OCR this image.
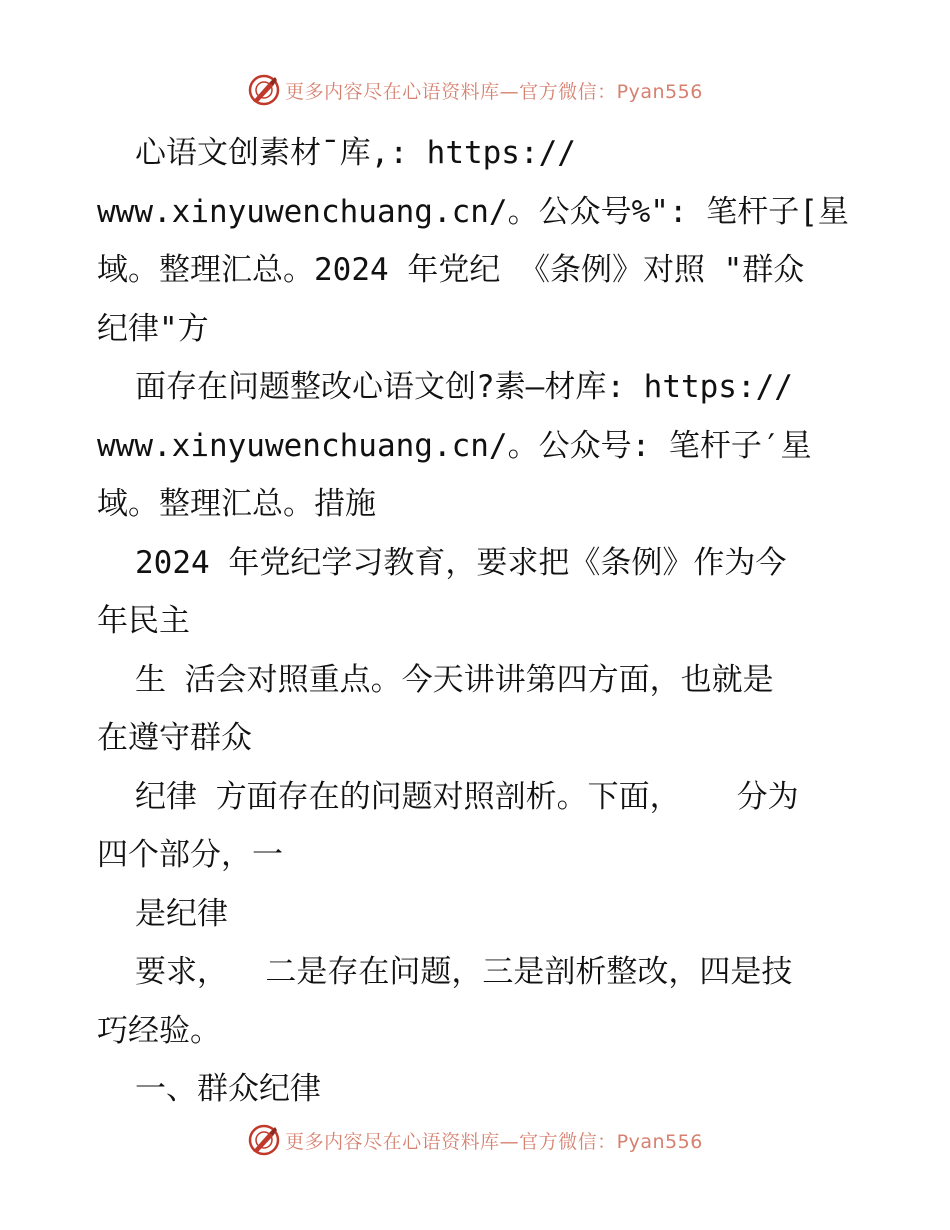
更多内容尽在心语资料库—官方微信：Pyan556

心语文创素材¯库,: https://
www.xinyuwenchuang.cn/。公众号%": 笔杆子[星
域。整理汇总。2024 年党纪 《条例》对照 "群众
纪律"方

面存在问题整改心语文创?素—材库: https://
www.xinyuwenchuang.cn/。公众号: 笔杆子′星
域。整理汇总。措施

2024 年党纪学习教育，要求把《条例》作为今
年民主

生 活会对照重点。今天讲讲第四方面，也就是
在遵守群众

纪律 方面存在的问题对照剖析。下面，   分为
四个部分，一

是纪律

要求，  二是存在问题，三是剖析整改，四是技
巧经验。

一、群众纪律

更多内容尽在心语资料库—官方微信：Pyan556
